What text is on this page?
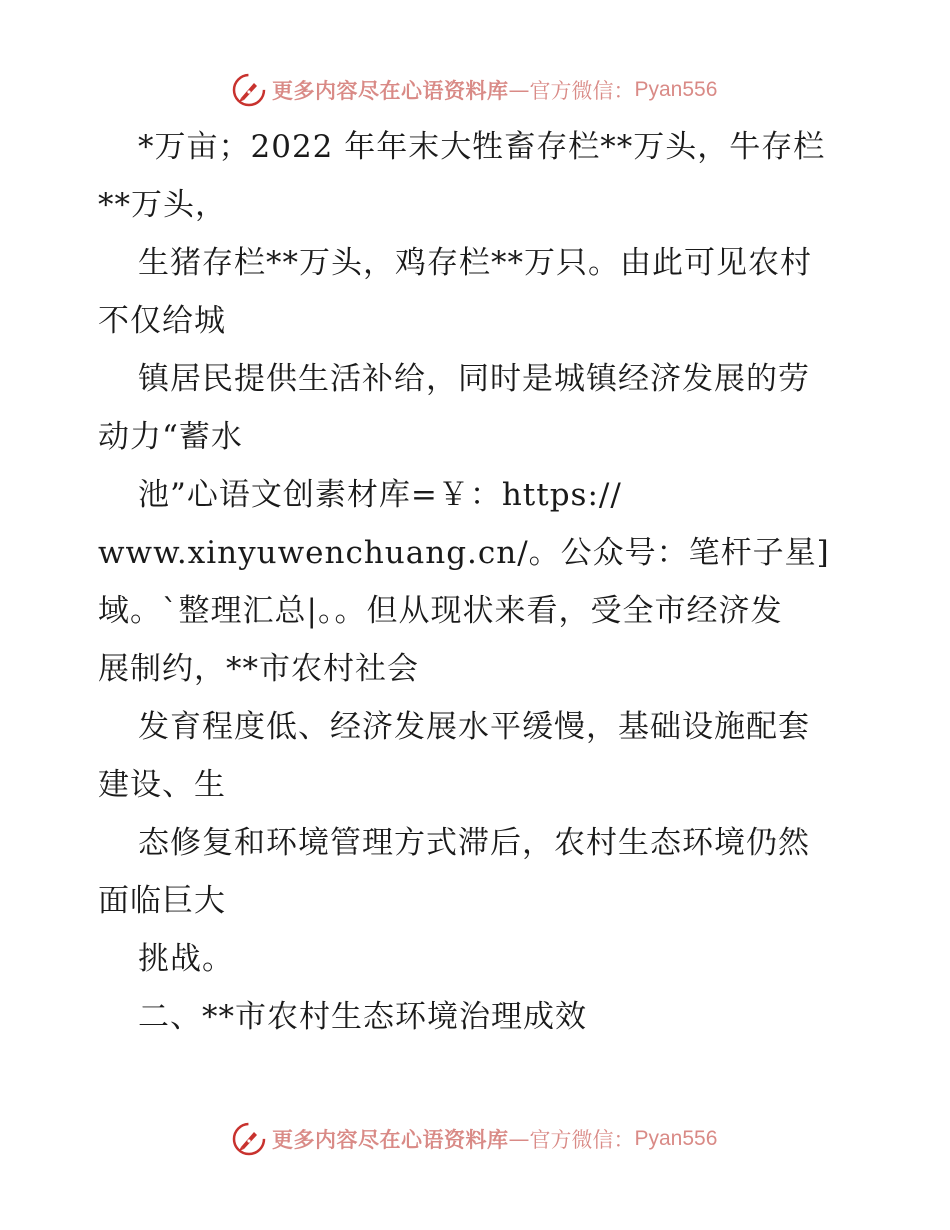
更多内容尽在心语资料库 — 官方微信： Pyan556
*万亩；2022 年年末大牲畜存栏**万头，牛存栏
**万头，
生猪存栏**万头，鸡存栏**万只。由此可见农村
不仅给城
镇居民提供生活补给，同时是城镇经济发展的劳
动力“蓄水
池”心语文创素材库=￥：https://
www.xinyuwenchuang.cn/。公众号：笔杆子星]
域。`整理汇总|。。但从现状来看，受全市经济发
展制约，**市农村社会
发育程度低、经济发展水平缓慢，基础设施配套
建设、生
态修复和环境管理方式滞后，农村生态环境仍然
面临巨大
挑战。
二、**市农村生态环境治理成效
更多内容尽在心语资料库 — 官方微信： Pyan556
